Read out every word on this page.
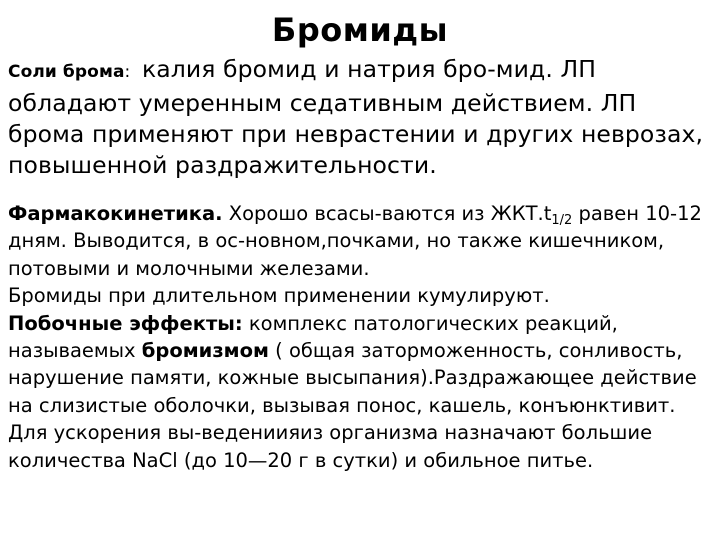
Бромиды
Соли брома: калия бромид и натрия бро-мид. ЛП обладают умеренным седативным действием. ЛП брома применяют при неврастении и других неврозах, повышенной раздражительности.
Фармакокинетика. Хорошо всасы-ваются из $ЖКТ.t_{1/2}$ равен 10-12 дням. Выводится, в ос-новном,почками, но также кишечником, потовыми и молочными железами.
Бромиды при длительном применении кумулируют.
Побочные эффекты: комплекс патологических реакций, называемых бромизмом ( общая заторможенность, сонливость, нарушение памяти, кожные высыпания).Раздражающее действие на слизистые оболочки, вызывая понос, кашель, конъюнктивит. Для ускорения вы-ведениияиз организма назначают большие количества NaCl (до 10—20 г в сутки) и обильное питье.
